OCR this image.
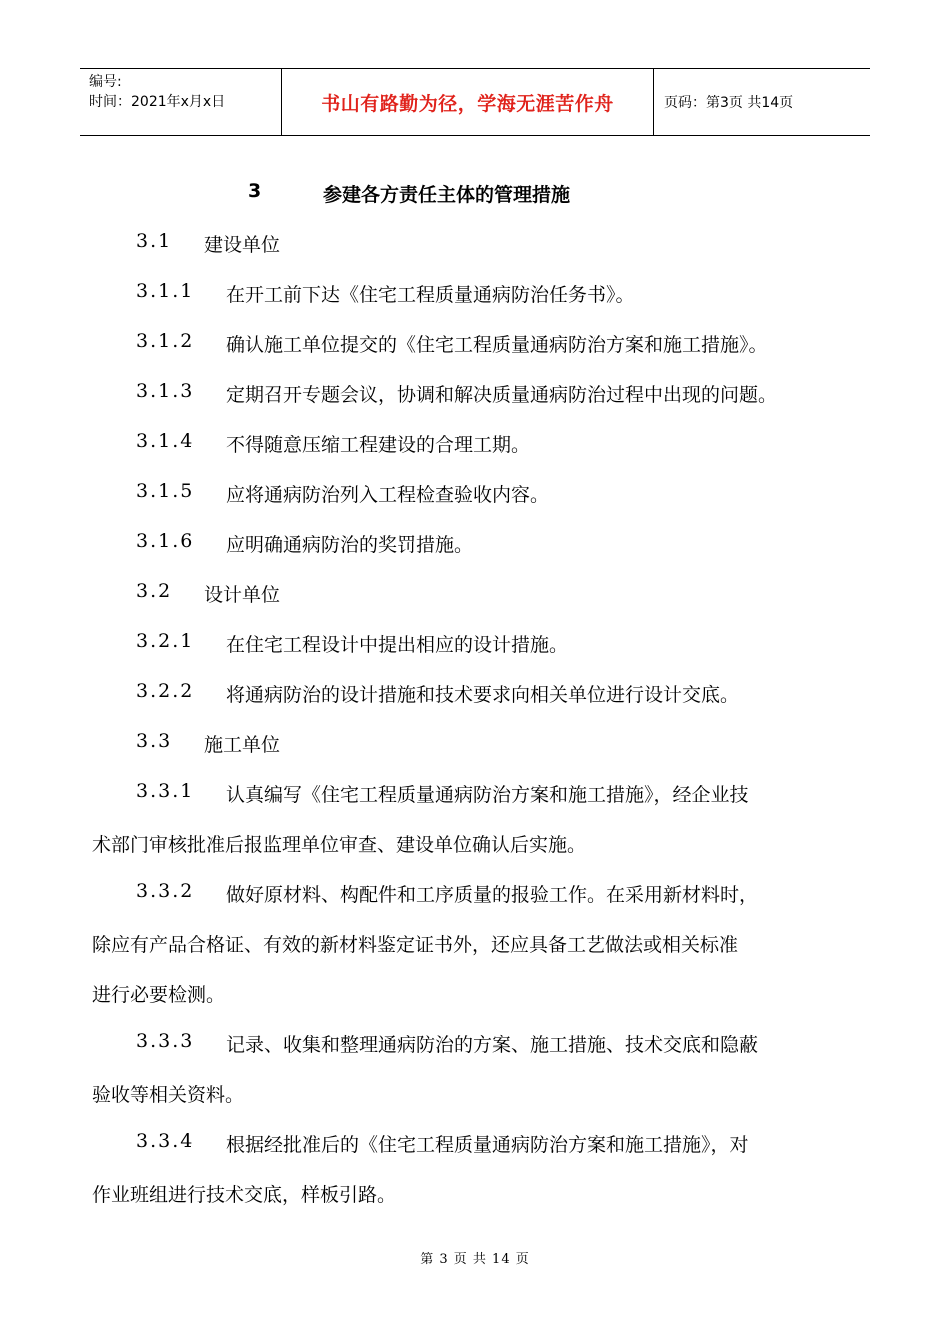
编号:
时间：2021年x月x日	书山有路勤为径，学海无涯苦作舟	页码：第3页 共14页
3	参建各方责任主体的管理措施
3.1 建设单位
3.1.1 在开工前下达《住宅工程质量通病防治任务书》。
3.1.2 确认施工单位提交的《住宅工程质量通病防治方案和施工措施》。
3.1.3 定期召开专题会议，协调和解决质量通病防治过程中出现的问题。
3.1.4 不得随意压缩工程建设的合理工期。
3.1.5 应将通病防治列入工程检查验收内容。
3.1.6 应明确通病防治的奖罚措施。
3.2 设计单位
3.2.1 在住宅工程设计中提出相应的设计措施。
3.2.2 将通病防治的设计措施和技术要求向相关单位进行设计交底。
3.3 施工单位
3.3.1 认真编写《住宅工程质量通病防治方案和施工措施》，经企业技
术部门审核批准后报监理单位审查、建设单位确认后实施。
3.3.2 做好原材料、构配件和工序质量的报验工作。在采用新材料时，
除应有产品合格证、有效的新材料鉴定证书外，还应具备工艺做法或相关标准
进行必要检测。
3.3.3 记录、收集和整理通病防治的方案、施工措施、技术交底和隐蔽
验收等相关资料。
3.3.4 根据经批准后的《住宅工程质量通病防治方案和施工措施》，对
作业班组进行技术交底，样板引路。
第 3 页 共 14 页
